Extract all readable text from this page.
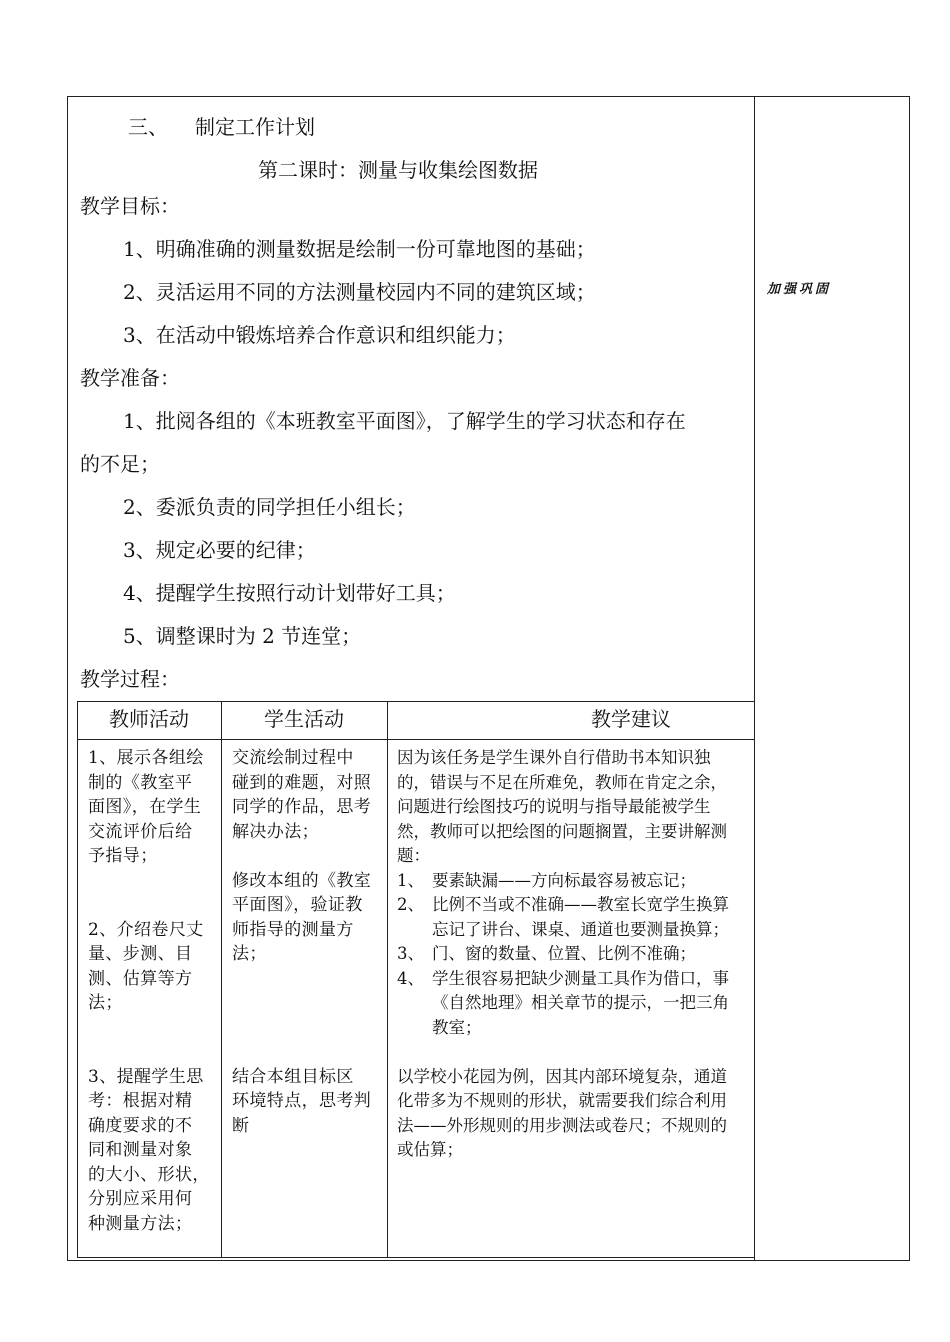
三、 制定工作计划
第二课时：测量与收集绘图数据
教学目标：
1、明确准确的测量数据是绘制一份可靠地图的基础；
2、灵活运用不同的方法测量校园内不同的建筑区域；
3、在活动中锻炼培养合作意识和组织能力；
教学准备：
1、批阅各组的《本班教室平面图》，了解学生的学习状态和存在
的不足；
2、委派负责的同学担任小组长；
3、规定必要的纪律；
4、提醒学生按照行动计划带好工具；
5、调整课时为 2 节连堂；
教学过程：
加强巩固
教师活动	学生活动	教学建议

1、展示各组绘

制的《教室平

面图》，在学生

交流评价后给

予指导；

2、介绍卷尺丈

量、步测、目

测、估算等方

法；

3、提醒学生思

考：根据对精

确度要求的不

同和测量对象

的大小、形状，

分别应采用何

种测量方法；

交流绘制过程中

碰到的难题，对照

同学的作品，思考

解决办法；

修改本组的《教室

平面图》，验证教

师指导的测量方

法；

结合本组目标区

环境特点，思考判

断

因为该任务是学生课外自行借助书本知识独
的，错误与不足在所难免，教师在肯定之余，
问题进行绘图技巧的说明与指导最能被学生
然，教师可以把绘图的问题搁置，主要讲解测
题：
1、 要素缺漏——方向标最容易被忘记；
2、 比例不当或不准确——教室长宽学生换算
忘记了讲台、课桌、通道也要测量换算；
3、 门、窗的数量、位置、比例不准确；
4、 学生很容易把缺少测量工具作为借口，事
《自然地理》相关章节的提示，一把三角
教室；

以学校小花园为例，因其内部环境复杂，通道
化带多为不规则的形状，就需要我们综合利用
法——外形规则的用步测法或卷尺；不规则的
或估算；
